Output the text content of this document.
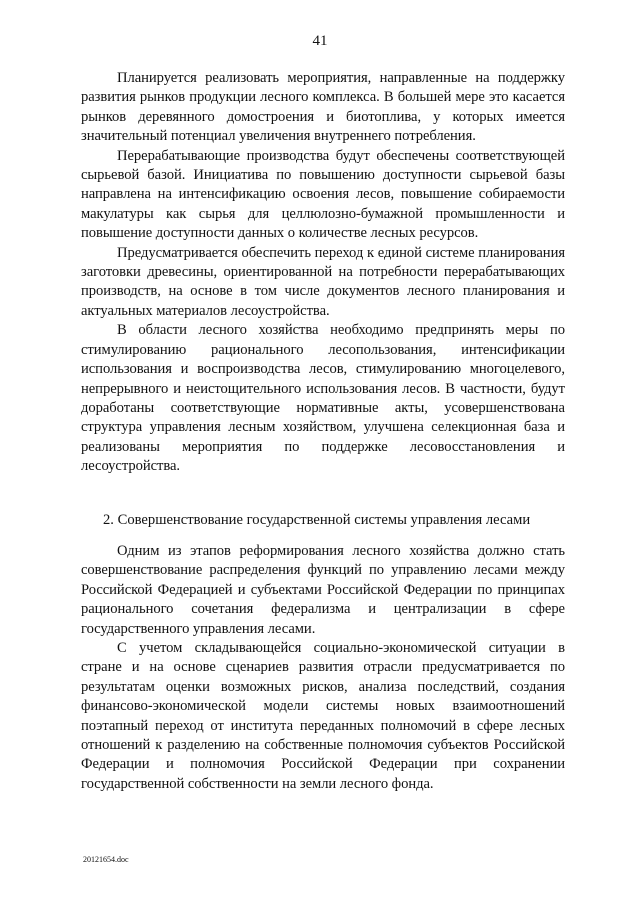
41

Планируется реализовать мероприятия, направленные на поддержку развития рынков продукции лесного комплекса. В большей мере это касается рынков деревянного домостроения и биотоплива, у которых имеется значительный потенциал увеличения внутреннего потребления.

Перерабатывающие производства будут обеспечены соответствующей сырьевой базой. Инициатива по повышению доступности сырьевой базы направлена на интенсификацию освоения лесов, повышение собираемости макулатуры как сырья для целлюлозно-бумажной промышленности и повышение доступности данных о количестве лесных ресурсов.

Предусматривается обеспечить переход к единой системе планирования заготовки древесины, ориентированной на потребности перерабатывающих производств, на основе в том числе документов лесного планирования и актуальных материалов лесоустройства.

В области лесного хозяйства необходимо предпринять меры по стимулированию рационального лесопользования, интенсификации использования и воспроизводства лесов, стимулированию многоцелевого, непрерывного и неистощительного использования лесов. В частности, будут доработаны соответствующие нормативные акты, усовершенствована структура управления лесным хозяйством, улучшена селекционная база и реализованы мероприятия по поддержке лесовосстановления и лесоустройства.

2. Совершенствование государственной системы управления лесами

Одним из этапов реформирования лесного хозяйства должно стать совершенствование распределения функций по управлению лесами между Российской Федерацией и субъектами Российской Федерации по принципах рационального сочетания федерализма и централизации в сфере государственного управления лесами.

С учетом складывающейся социально-экономической ситуации в стране и на основе сценариев развития отрасли предусматривается по результатам оценки возможных рисков, анализа последствий, создания финансово-экономической модели системы новых взаимоотношений поэтапный переход от института переданных полномочий в сфере лесных отношений к разделению на собственные полномочия субъектов Российской Федерации и полномочия Российской Федерации при сохранении государственной собственности на земли лесного фонда.

20121654.doc
